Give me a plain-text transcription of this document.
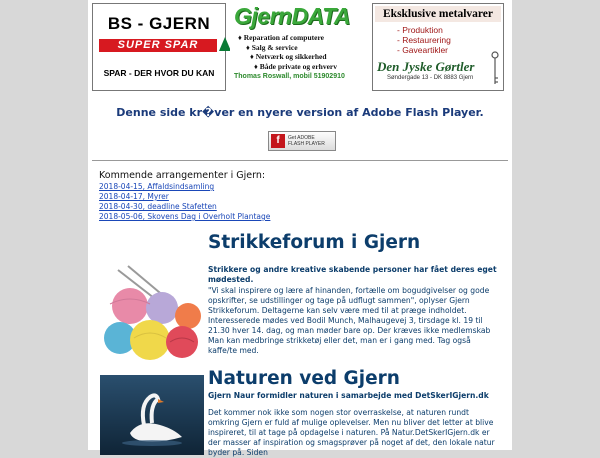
BS - GJERN
SUPER SPAR
SPAR - DER HVOR DU KAN
GjernDATA
♦ Reparation af computere
♦ Salg & service
♦ Netværk og sikkerhed
♦ Både private og erhverv
Thomas Roswall, mobil 51902910
Eksklusive metalvarer
- Produktion
- Restaurering
- Gaveartikler
Den Jyske Gørtler
Søndergade 13 - DK 8883 Gjern
Denne side kr�ver en nyere version af Adobe Flash Player.
f	Get ADOBE
FLASH PLAYER
Kommende arrangementer i Gjern:
2018-04-15, Affaldsindsamling
2018-04-17, Myrer
2018-04-30, deadline Stafetten
2018-05-06, Skovens Dag i Overholt Plantage
Strikkeforum i Gjern
Strikkere og andre kreative skabende personer har fået deres eget mødested.
"Vi skal inspirere og lære af hinanden, fortælle om bogudgivelser og gode opskrifter, se udstillinger og tage på udflugt sammen", oplyser Gjern Strikkeforum. Deltagerne kan selv være med til at præge indholdet. Interesserede mødes ved Bodil Munch, Malhaugevej 3, tirsdage kl. 19 til 21.30 hver 14. dag, og man møder bare op. Der kræves ikke medlemskab Man kan medbringe strikketøj eller det, man er i gang med. Tag også kaffe/te med.
Naturen ved Gjern
Gjern Naur formidler naturen i samarbejde med DetSkerIGjern.dk
Det kommer nok ikke som nogen stor overraskelse, at naturen rundt omkring Gjern er fuld af mulige oplevelser. Men nu bliver det letter at blive inspireret, til at tage på opdagelse i naturen. På Natur.DetSkerIGjern.dk er der masser af inspiration og smagsprøver på noget af det, den lokale natur byder på. Siden
